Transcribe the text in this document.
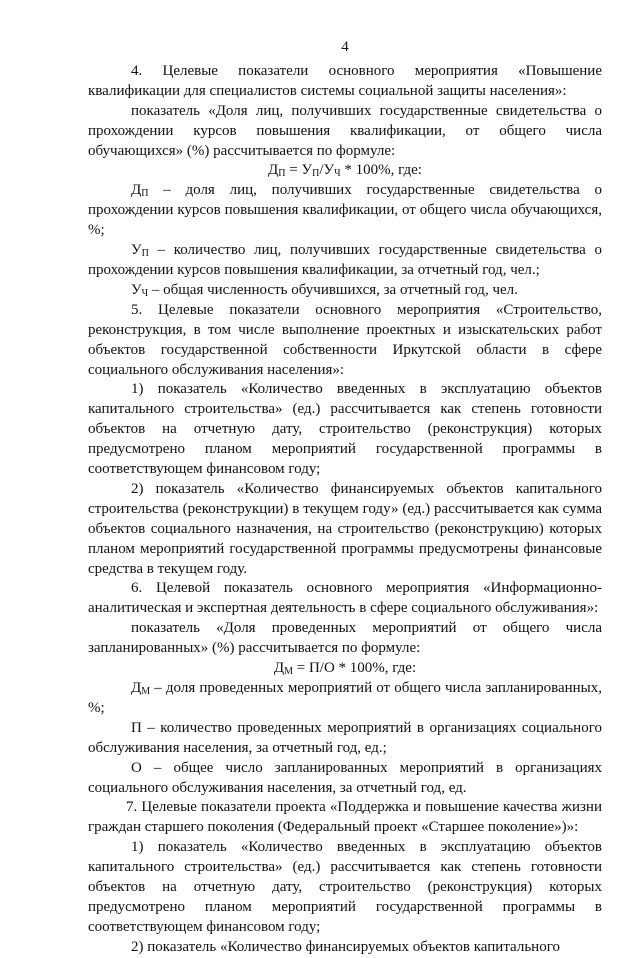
4

4. Целевые показатели основного мероприятия «Повышение квалификации для специалистов системы социальной защиты населения»:

показатель «Доля лиц, получивших государственные свидетельства о прохождении курсов повышения квалификации, от общего числа обучающихся» (%) рассчитывается по формуле:

$Д_П = У_П/У_Ч * 100\%$, где:

$Д_П$ – доля лиц, получивших государственные свидетельства о прохождении курсов повышения квалификации, от общего числа обучающихся, %;

$У_П$ – количество лиц, получивших государственные свидетельства о прохождении курсов повышения квалификации, за отчетный год, чел.;

$У_Ч$ – общая численность обучившихся, за отчетный год, чел.

5. Целевые показатели основного мероприятия «Строительство, реконструкция, в том числе выполнение проектных и изыскательских работ объектов государственной собственности Иркутской области в сфере социального обслуживания населения»:

1) показатель «Количество введенных в эксплуатацию объектов капитального строительства» (ед.) рассчитывается как степень готовности объектов на отчетную дату, строительство (реконструкция) которых предусмотрено планом мероприятий государственной программы в соответствующем финансовом году;

2) показатель «Количество финансируемых объектов капитального строительства (реконструкции) в текущем году» (ед.) рассчитывается как сумма объектов социального назначения, на строительство (реконструкцию) которых планом мероприятий государственной программы предусмотрены финансовые средства в текущем году.

6. Целевой показатель основного мероприятия «Информационно-аналитическая и экспертная деятельность в сфере социального обслуживания»:

показатель «Доля проведенных мероприятий от общего числа запланированных» (%) рассчитывается по формуле:

$Д_М = П/О * 100\%$, где:

$Д_М$ – доля проведенных мероприятий от общего числа запланированных, %;

П – количество проведенных мероприятий в организациях социального обслуживания населения, за отчетный год, ед.;

О – общее число запланированных мероприятий в организациях социального обслуживания населения, за отчетный год, ед.

7. Целевые показатели проекта «Поддержка и повышение качества жизни граждан старшего поколения (Федеральный проект «Старшее поколение»)»:

1) показатель «Количество введенных в эксплуатацию объектов капитального строительства» (ед.) рассчитывается как степень готовности объектов на отчетную дату, строительство (реконструкция) которых предусмотрено планом мероприятий государственной программы в соответствующем финансовом году;

2) показатель «Количество финансируемых объектов капитального
